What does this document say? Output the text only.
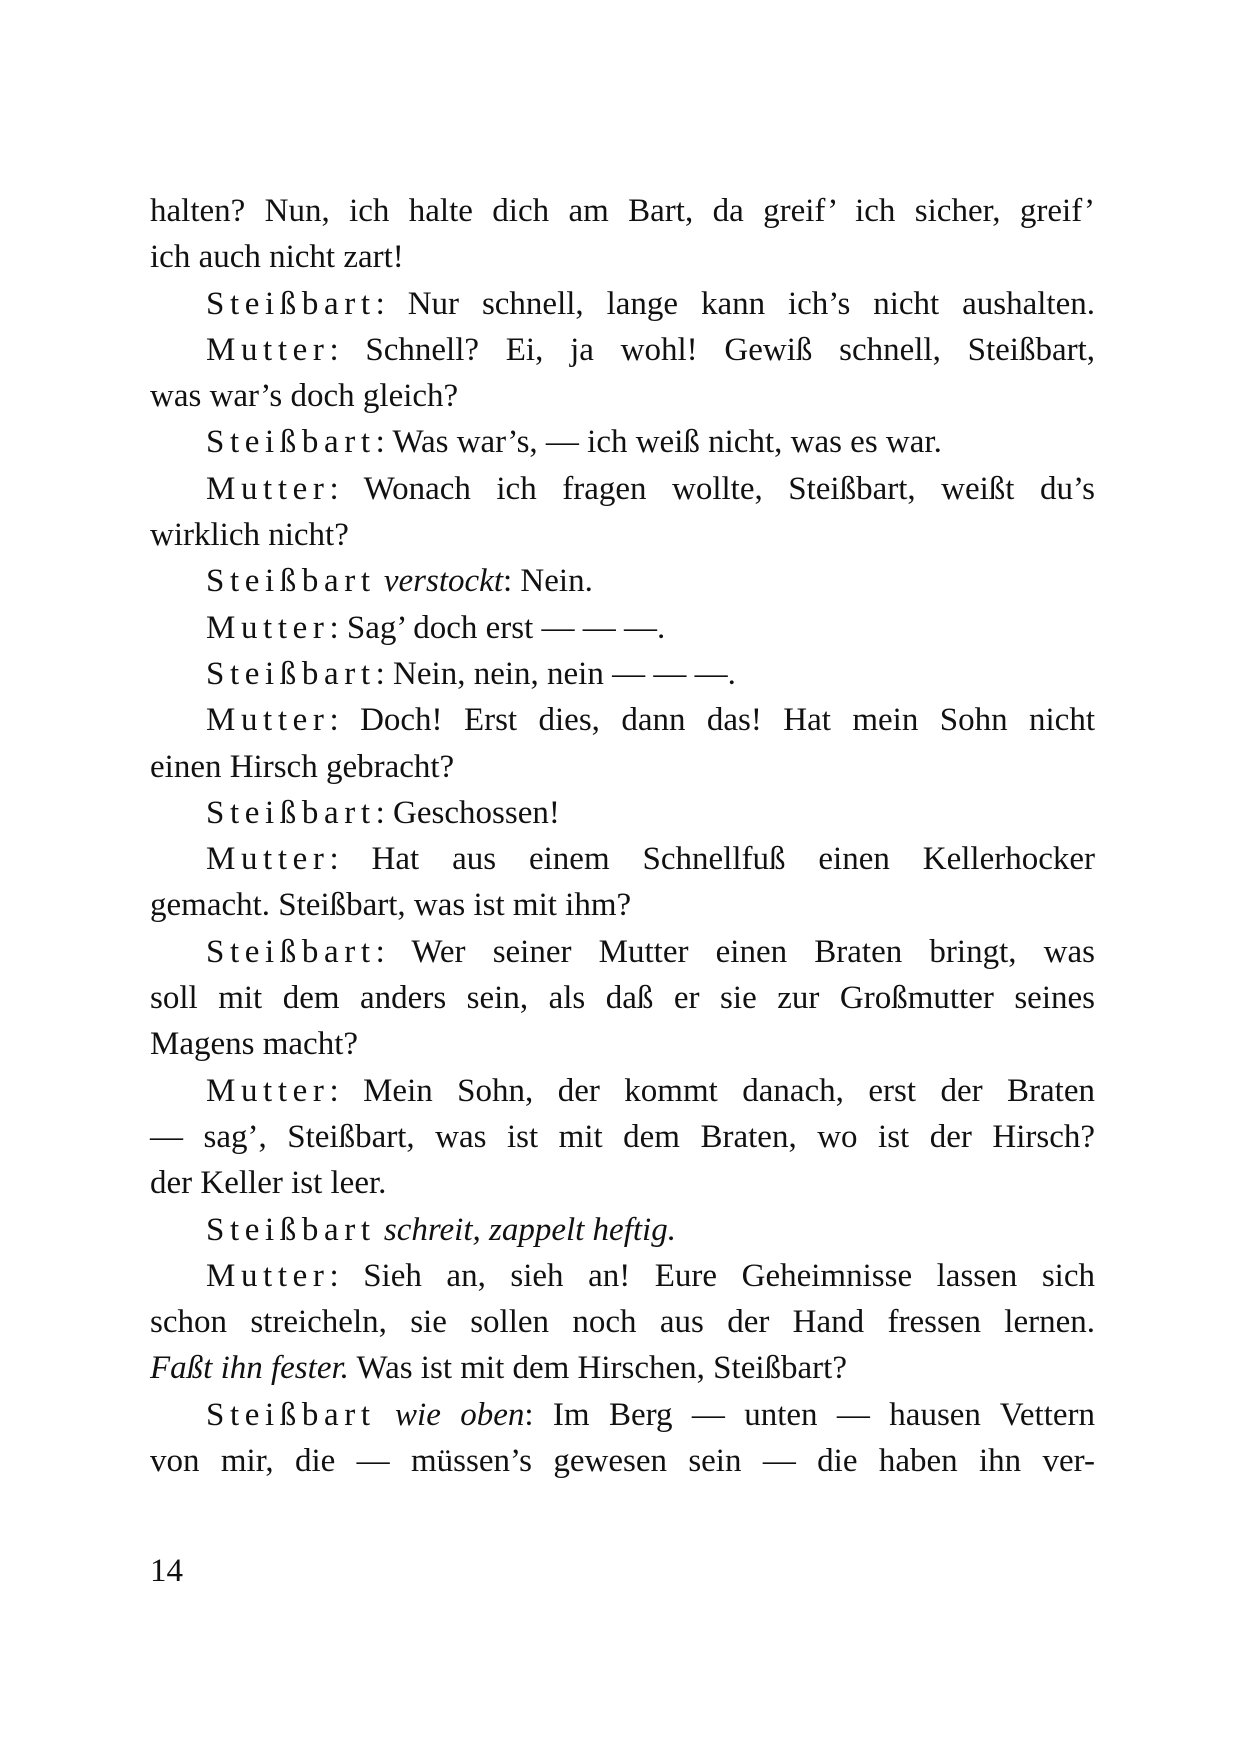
halten? Nun, ich halte dich am Bart, da greif’ ich sicher, greif’
ich auch nicht zart!
Steißbart: Nur schnell, lange kann ich’s nicht aushalten.
Mutter: Schnell? Ei, ja wohl! Gewiß schnell, Steißbart,
was war’s doch gleich?
Steißbart: Was war’s, — ich weiß nicht, was es war.
Mutter: Wonach ich fragen wollte, Steißbart, weißt du’s
wirklich nicht?
Steißbart verstockt: Nein.
Mutter: Sag’ doch erst — — —.
Steißbart: Nein, nein, nein — — —.
Mutter: Doch! Erst dies, dann das! Hat mein Sohn nicht
einen Hirsch gebracht?
Steißbart: Geschossen!
Mutter: Hat aus einem Schnellfuß einen Kellerhocker
gemacht. Steißbart, was ist mit ihm?
Steißbart: Wer seiner Mutter einen Braten bringt, was
soll mit dem anders sein, als daß er sie zur Großmutter seines
Magens macht?
Mutter: Mein Sohn, der kommt danach, erst der Braten
— sag’, Steißbart, was ist mit dem Braten, wo ist der Hirsch?
der Keller ist leer.
Steißbart schreit, zappelt heftig.
Mutter: Sieh an, sieh an! Eure Geheimnisse lassen sich
schon streicheln, sie sollen noch aus der Hand fressen lernen.
Faßt ihn fester. Was ist mit dem Hirschen, Steißbart?
Steißbart wie oben: Im Berg — unten — hausen Vettern
von mir, die — müssen’s gewesen sein — die haben ihn ver-
14
